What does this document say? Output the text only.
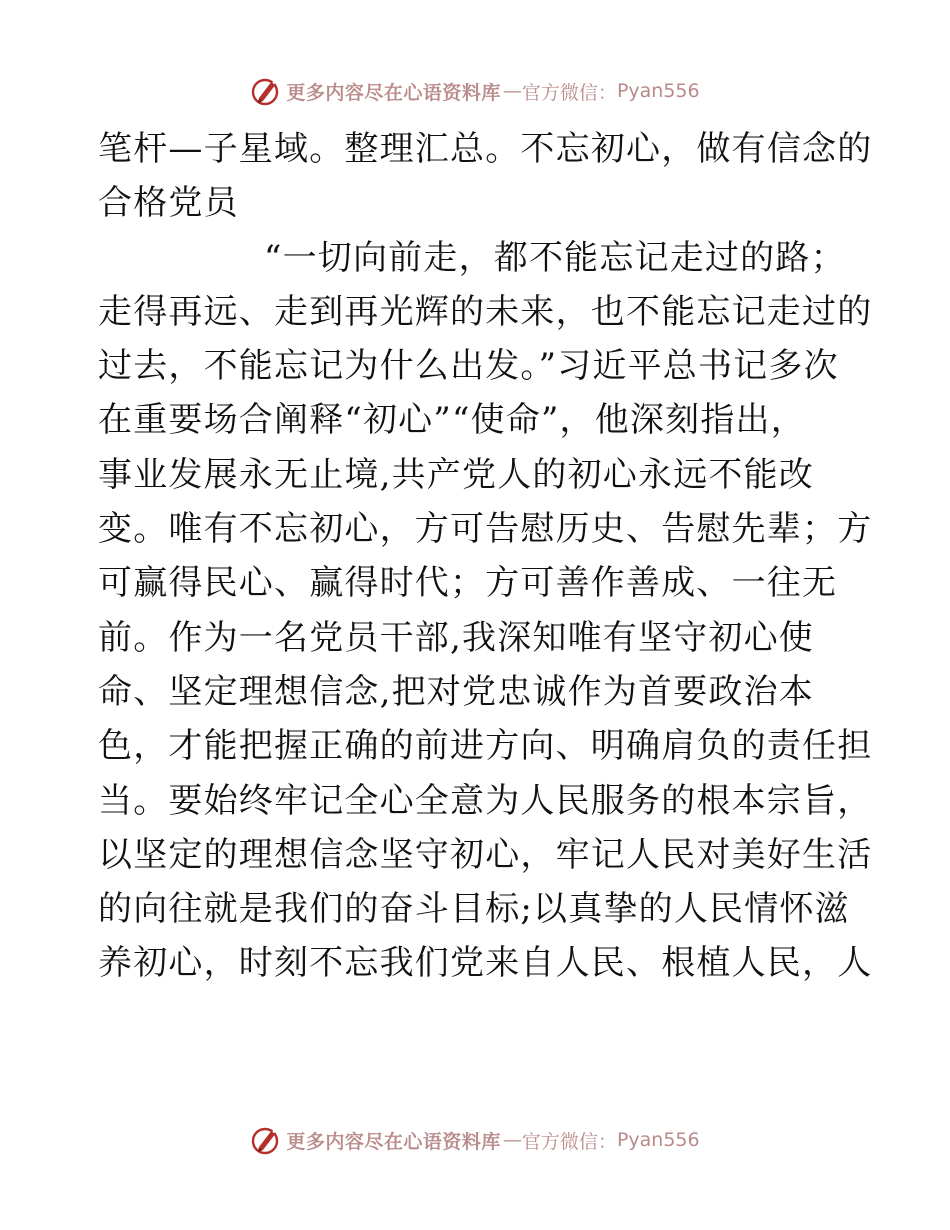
更多内容尽在心语资料库 — 官方微信： Pyan556
笔杆—子星域。整理汇总。不忘初心，做有信念的
合格党员
“一切向前走，都不能忘记走过的路；
走得再远、走到再光辉的未来，也不能忘记走过的
过去，不能忘记为什么出发。”习近平总书记多次
在重要场合阐释“初心”“使命”，他深刻指出，
事业发展永无止境,共产党人的初心永远不能改
变。唯有不忘初心，方可告慰历史、告慰先辈；方
可赢得民心、赢得时代；方可善作善成、一往无
前。作为一名党员干部,我深知唯有坚守初心使
命、坚定理想信念,把对党忠诚作为首要政治本
色，才能把握正确的前进方向、明确肩负的责任担
当。要始终牢记全心全意为人民服务的根本宗旨，
以坚定的理想信念坚守初心，牢记人民对美好生活
的向往就是我们的奋斗目标;以真挚的人民情怀滋
养初心，时刻不忘我们党来自人民、根植人民，人
更多内容尽在心语资料库 — 官方微信： Pyan556
